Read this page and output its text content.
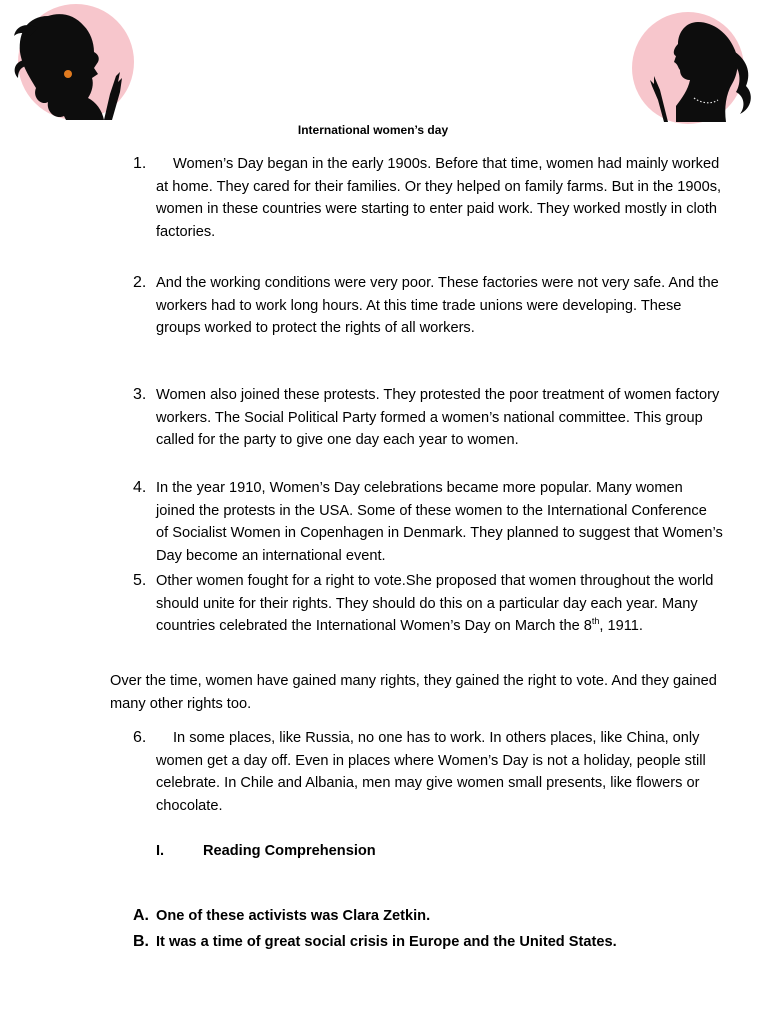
International women’s day
1.	Women’s Day began in the early 1900s. Before that time, women had mainly worked at home. They cared for their families. Or they helped on family farms. But in the 1900s, women in these countries were starting to enter paid work. They worked mostly in cloth factories.
2. And the working conditions were very poor. These factories were not very safe. And the workers had to work long hours. At this time trade unions were developing. These groups worked to protect the rights of all workers.
3. Women also joined these protests. They protested the poor treatment of women factory workers. The Social Political Party formed a women’s national committee. This group called for the party to give one day each year to women.
4. In the year 1910, Women’s Day celebrations became more popular. Many women joined the protests in the USA. Some of these women to the International Conference of Socialist Women in Copenhagen in Denmark. They planned to suggest that Women’s Day become an international event.
5. Other women fought for a right to vote.She proposed that women throughout the world should unite for their rights. They should do this on a particular day each year. Many countries celebrated the International Women’s Day on March the 8th, 1911.
Over the time, women have gained many rights, they gained the right to vote. And they gained many other rights too.
6.	In some places, like Russia, no one has to work. In others places, like China, only women get a day off. Even in places where Women’s Day is not a holiday, people still celebrate. In Chile and Albania, men may give women small presents, like flowers or chocolate.
I.	Reading Comprehension
A. One of these activists was Clara Zetkin.
B. It was a time of great social crisis in Europe and the United States.
